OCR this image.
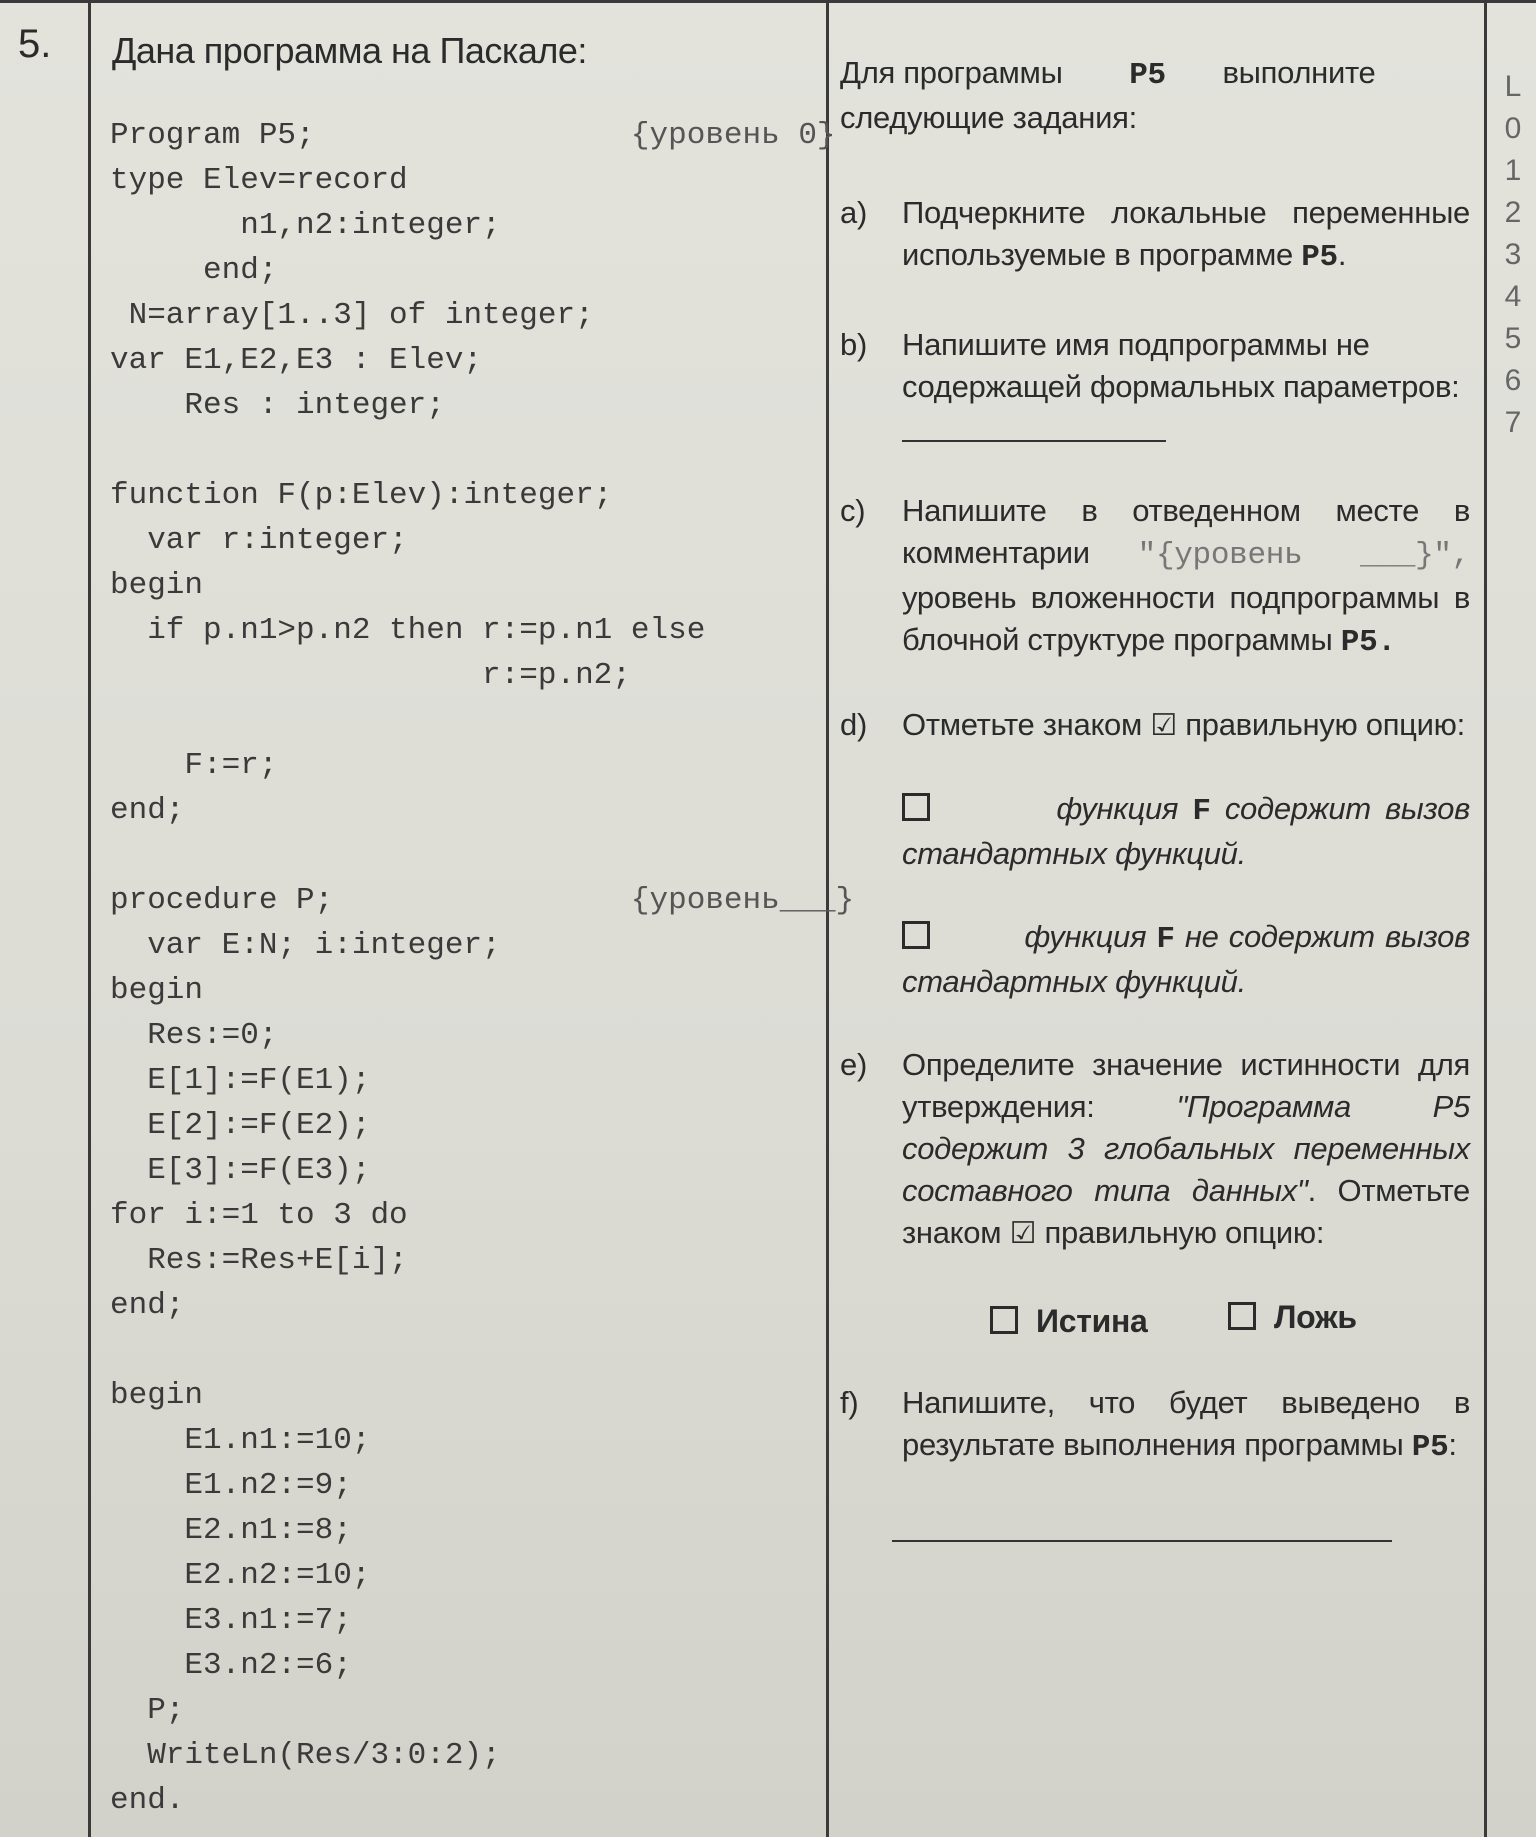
5. Дана программа на Паскале:
Program P5;	{уровень 0}
type Elev=record
n1,n2:integer;
end;
N=array[1..3] of integer;
var E1,E2,E3 : Elev;
Res : integer;
function F(p:Elev):integer;
var r:integer;
begin
if p.n1>p.n2 then r:=p.n1 else
r:=p.n2;
F:=r;
end;
procedure P;	{уровень___}
var E:N; i:integer;
begin
Res:=0;
E[1]:=F(E1);
E[2]:=F(E2);
E[3]:=F(E3);
for i:=1 to 3 do
Res:=Res+E[i];
end;
begin
E1.n1:=10;
E1.n2:=9;
E2.n1:=8;
E2.n2:=10;
E3.n1:=7;
E3.n2:=6;
P;
WriteLn(Res/3:0:2);
end.
Для программы P5 выполните
следующие задания:
a) Подчеркните локальные переменные используемые в программе P5.
b) Напишите имя подпрограммы не содержащей формальных параметров:
c) Напишите в отведенном месте в комментарии "{уровень ___}", уровень вложенности подпрограммы в блочной структуре программы P5.
d) Отметьте знаком ☑ правильную опцию:
функция F содержит вызов стандартных функций.
функция F не содержит вызов стандартных функций.
e) Определите значение истинности для утверждения:	"Программа P5 содержит 3 глобальных переменных составного типа данных". Отметьте знаком ☑ правильную опцию:
Истина	Ложь
f) Напишите, что будет выведено в результате выполнения программы P5:
L
0
1
2
3
4
5
6
7
